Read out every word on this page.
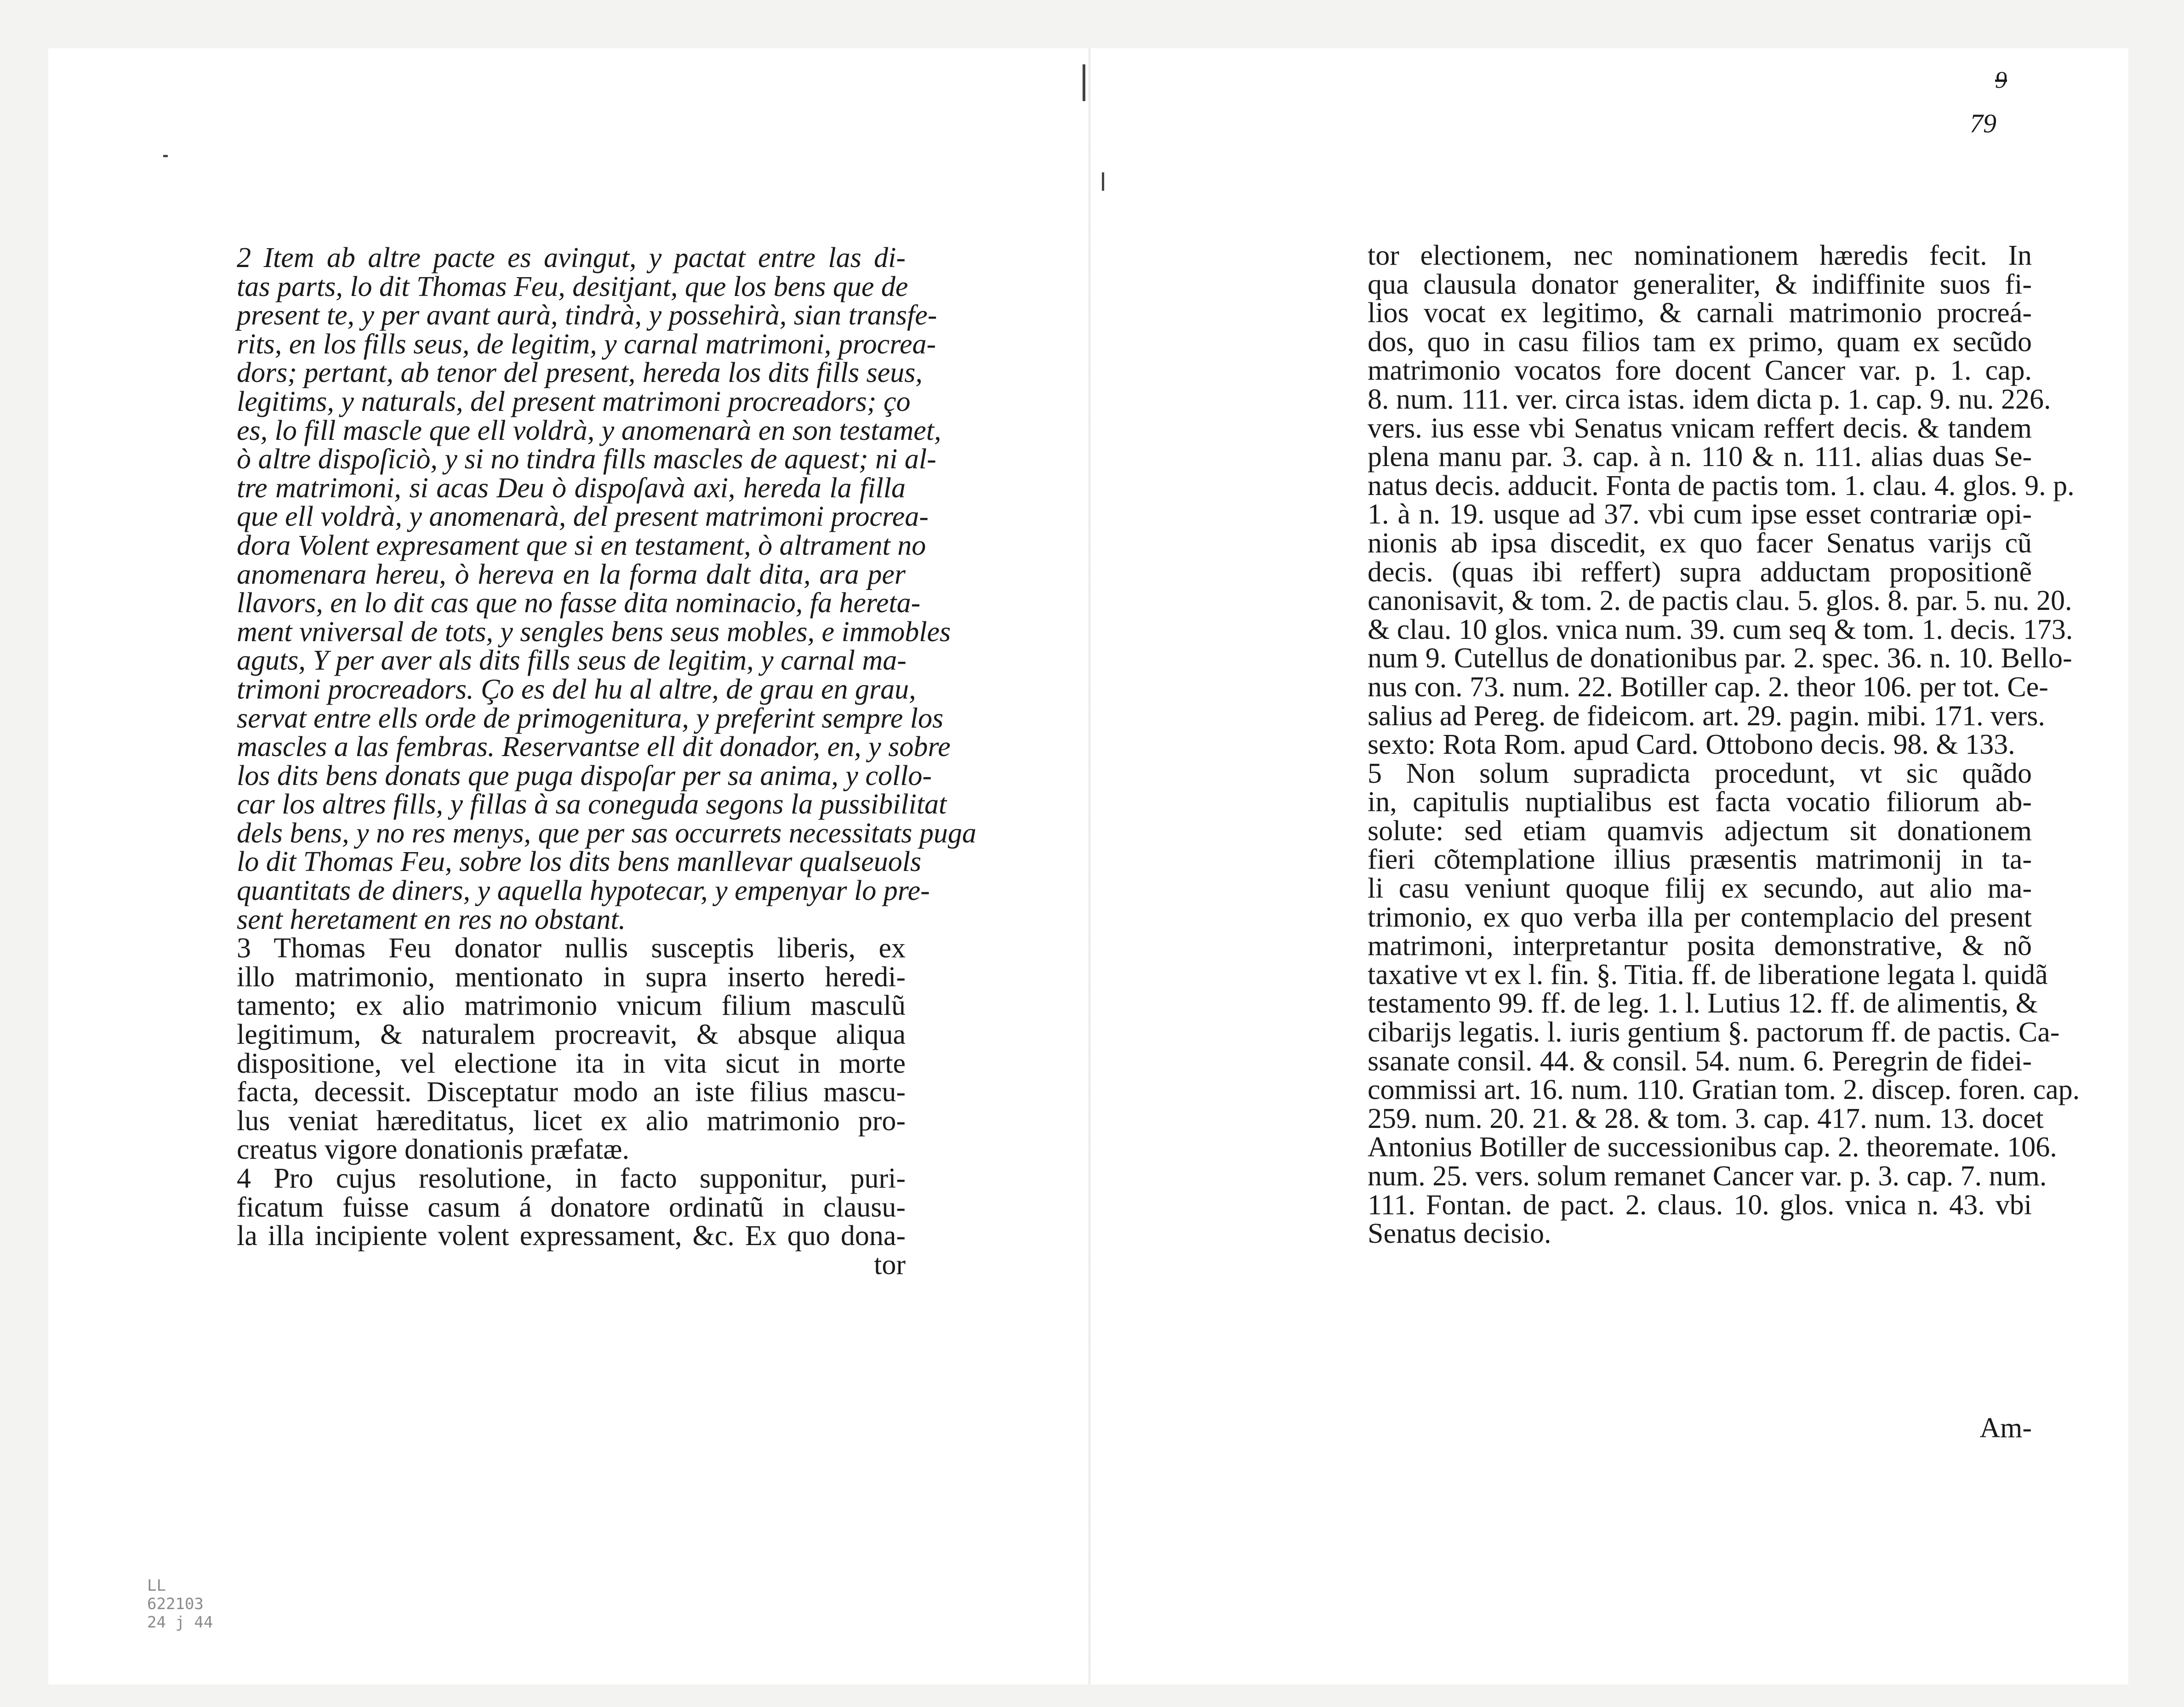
2 Item ab altre pacte es avingut, y pactat entre las di-
tas parts, lo dit Thomas Feu, desitjant, que los bens que de
present te, y per avant aurà, tindrà, y possehirà, sian transfe-
rits, en los fills seus, de legitim, y carnal matrimoni, procrea-
dors; pertant, ab tenor del present, hereda los dits fills seus,
legitims, y naturals, del present matrimoni procreadors; ço
es, lo fill mascle que ell voldrà, y anomenarà en son testamet,
ò altre dispoſiciò, y si no tindra fills mascles de aquest; ni al-
tre matrimoni, si acas Deu ò dispoſavà axi, hereda la filla
que ell voldrà, y anomenarà, del present matrimoni procrea-
dora Volent expresament que si en testament, ò altrament no
anomenara hereu, ò hereva en la forma dalt dita, ara per
llavors, en lo dit cas que no fasse dita nominacio, fa hereta-
ment vniversal de tots, y sengles bens seus mobles, e immobles
aguts, Y per aver als dits fills seus de legitim, y carnal ma-
trimoni procreadors. Ço es del hu al altre, de grau en grau,
servat entre ells orde de primogenitura, y preferint sempre los
mascles a las fembras. Reservantse ell dit donador, en, y sobre
los dits bens donats que puga dispoſar per sa anima, y collo-
car los altres fills, y fillas à sa coneguda segons la pussibilitat
dels bens, y no res menys, que per sas occurrets necessitats puga
lo dit Thomas Feu, sobre los dits bens manllevar qualseuols
quantitats de diners, y aquella hypotecar, y empenyar lo pre-
sent heretament en res no obstant.
3 Thomas Feu donator nullis susceptis liberis, ex
illo matrimonio, mentionato in supra inserto heredi-
tamento; ex alio matrimonio vnicum filium masculũ
legitimum, & naturalem procreavit, & absque aliqua
dispositione, vel electione ita in vita sicut in morte
facta, decessit. Disceptatur modo an iste filius mascu-
lus veniat hæreditatus, licet ex alio matrimonio pro-
creatus vigore donationis præfatæ.
4 Pro cujus resolutione, in facto supponitur, puri-
ficatum fuisse casum á donatore ordinatũ in clausu-
la illa incipiente volent expressament, &c. Ex quo dona-
tor
tor electionem, nec nominationem hæredis fecit. In
qua clausula donator generaliter, & indiffinite suos fi-
lios vocat ex legitimo, & carnali matrimonio procreá-
dos, quo in casu filios tam ex primo, quam ex secũdo
matrimonio vocatos fore docent Cancer var. p. 1. cap.
8. num. 111. ver. circa istas. idem dicta p. 1. cap. 9. nu. 226.
vers. ius esse vbi Senatus vnicam reffert decis. & tandem
plena manu par. 3. cap. à n. 110 & n. 111. alias duas Se-
natus decis. adducit. Fonta de pactis tom. 1. clau. 4. glos. 9. p.
1. à n. 19. usque ad 37. vbi cum ipse esset contrariæ opi-
nionis ab ipsa discedit, ex quo facer Senatus varijs cũ
decis. (quas ibi reffert) supra adductam propositionẽ
canonisavit, & tom. 2. de pactis clau. 5. glos. 8. par. 5. nu. 20.
& clau. 10 glos. vnica num. 39. cum seq & tom. 1. decis. 173.
num 9. Cutellus de donationibus par. 2. spec. 36. n. 10. Bello-
nus con. 73. num. 22. Botiller cap. 2. theor 106. per tot. Ce-
salius ad Pereg. de fideicom. art. 29. pagin. mibi. 171. vers.
sexto: Rota Rom. apud Card. Ottobono decis. 98. & 133.
5 Non solum supradicta procedunt, vt sic quãdo
in, capitulis nuptialibus est facta vocatio filiorum ab-
solute: sed etiam quamvis adjectum sit donationem
fieri cõtemplatione illius præsentis matrimonij in ta-
li casu veniunt quoque filij ex secundo, aut alio ma-
trimonio, ex quo verba illa per contemplacio del present
matrimoni, interpretantur posita demonstrative, & nõ
taxative vt ex l. fin. §. Titia. ff. de liberatione legata l. quidã
testamento 99. ff. de leg. 1. l. Lutius 12. ff. de alimentis, &
cibarijs legatis. l. iuris gentium §. pactorum ff. de pactis. Ca-
ssanate consil. 44. & consil. 54. num. 6. Peregrin de fidei-
commissi art. 16. num. 110. Gratian tom. 2. discep. foren. cap.
259. num. 20. 21. & 28. & tom. 3. cap. 417. num. 13. docet
Antonius Botiller de successionibus cap. 2. theoremate. 106.
num. 25. vers. solum remanet Cancer var. p. 3. cap. 7. num.
111. Fontan. de pact. 2. claus. 10. glos. vnica n. 43. vbi
Senatus decisio.
Am-
9
79
LL
622103
24 j 44
